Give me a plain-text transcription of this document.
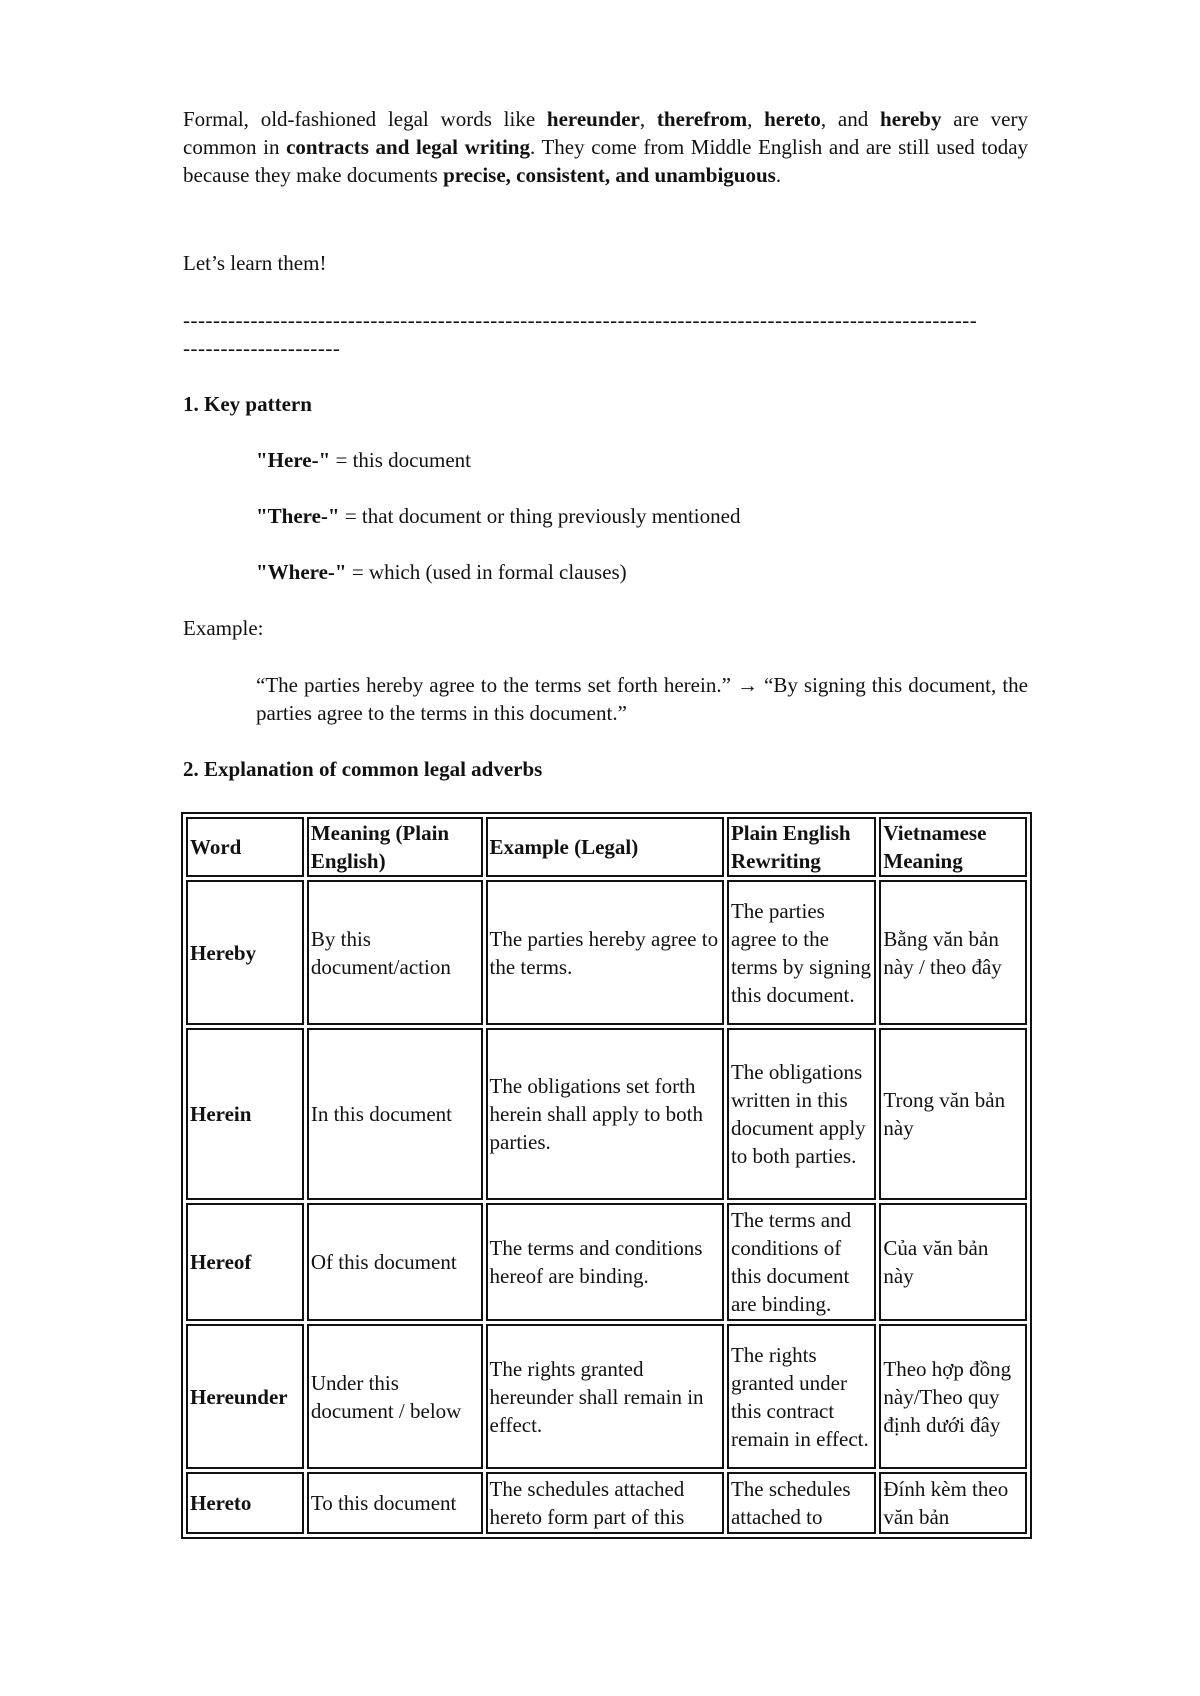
Formal, old-fashioned legal words like hereunder, therefrom, hereto, and hereby are very common in contracts and legal writing. They come from Middle English and are still used today because they make documents precise, consistent, and unambiguous.

Let’s learn them!

----------------------------------------------------------------------------------------------------------
---------------------

1. Key pattern

"Here-" = this document

"There-" = that document or thing previously mentioned

"Where-" = which (used in formal clauses)

Example:

“The parties hereby agree to the terms set forth herein.” → “By signing this document, the parties agree to the terms in this document.”

2. Explanation of common legal adverbs

Word	Meaning (Plain English)	Example (Legal)	Plain English Rewriting	Vietnamese Meaning
Hereby	By this document/action	The parties hereby agree to the terms.	The parties agree to the terms by signing this document.	Bằng văn bản này / theo đây
Herein	In this document	The obligations set forth herein shall apply to both parties.	The obligations written in this document apply to both parties.	Trong văn bản này
Hereof	Of this document	The terms and conditions hereof are binding.	The terms and conditions of this document are binding.	Của văn bản này
Hereunder	Under this document / below	The rights granted hereunder shall remain in effect.	The rights granted under this contract remain in effect.	Theo hợp đồng này/Theo quy định dưới đây
Hereto	To this document	The schedules attached hereto form part of this	The schedules attached to	Đính kèm theo văn bản
